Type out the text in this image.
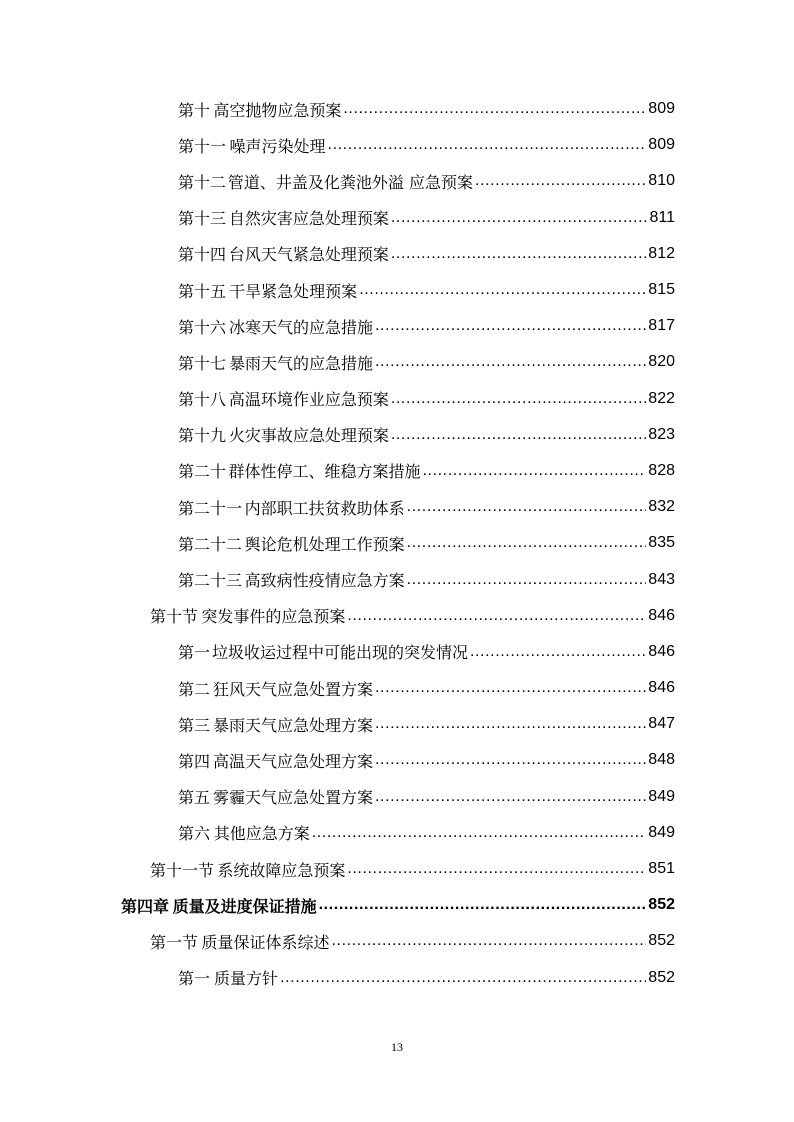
第十 高空抛物应急预案 .....	809
第十一 噪声污染处理 .....	809
第十二 管道、井盖及化粪池外溢 应急预案 .....	810
第十三 自然灾害应急处理预案 .....	811
第十四 台风天气紧急处理预案 .....	812
第十五 干旱紧急处理预案 .....	815
第十六 冰寒天气的应急措施 .....	817
第十七 暴雨天气的应急措施 .....	820
第十八 高温环境作业应急预案 .....	822
第十九 火灾事故应急处理预案 .....	823
第二十 群体性停工、维稳方案措施 .....	828
第二十一 内部职工扶贫救助体系 .....	832
第二十二 舆论危机处理工作预案 .....	835
第二十三 高致病性疫情应急方案 .....	843
第十节 突发事件的应急预案 .....	846
第一 垃圾收运过程中可能出现的突发情况 .....	846
第二 狂风天气应急处置方案 .....	846
第三 暴雨天气应急处理方案 .....	847
第四 高温天气应急处理方案 .....	848
第五 雾霾天气应急处置方案 .....	849
第六 其他应急方案 .....	849
第十一节 系统故障应急预案 .....	851
第四章 质量及进度保证措施 .....	852
第一节 质量保证体系综述 .....	852
第一 质量方针 .....	852
13
